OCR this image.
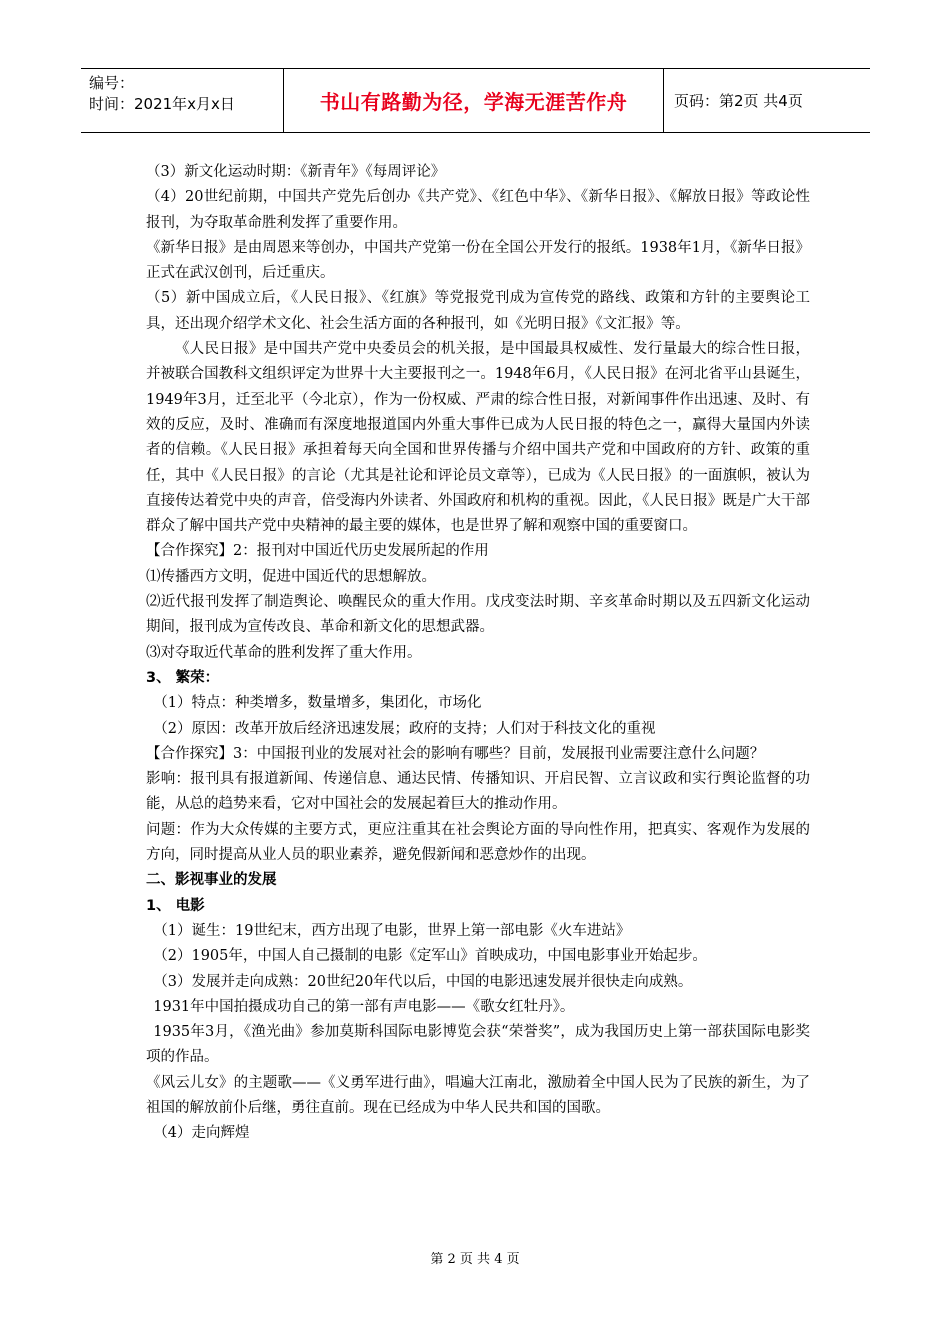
编号：
时间：2021年x月x日	书山有路勤为径，学海无涯苦作舟	页码：第2页 共4页

（3）新文化运动时期：《新青年》《每周评论》

（4）20世纪前期，中国共产党先后创办《共产党》、《红色中华》、《新华日报》、《解放日报》等政论性报刊，为夺取革命胜利发挥了重要作用。

《新华日报》是由周恩来等创办，中国共产党第一份在全国公开发行的报纸。1938年1月，《新华日报》正式在武汉创刊，后迁重庆。

（5）新中国成立后，《人民日报》、《红旗》等党报党刊成为宣传党的路线、政策和方针的主要舆论工具，还出现介绍学术文化、社会生活方面的各种报刊，如《光明日报》《文汇报》等。

《人民日报》是中国共产党中央委员会的机关报，是中国最具权威性、发行量最大的综合性日报，并被联合国教科文组织评定为世界十大主要报刊之一。1948年6月，《人民日报》在河北省平山县诞生，1949年3月，迁至北平（今北京），作为一份权威、严肃的综合性日报，对新闻事件作出迅速、及时、有效的反应，及时、准确而有深度地报道国内外重大事件已成为人民日报的特色之一，赢得大量国内外读者的信赖。《人民日报》承担着每天向全国和世界传播与介绍中国共产党和中国政府的方针、政策的重任，其中《人民日报》的言论（尤其是社论和评论员文章等），已成为《人民日报》的一面旗帜，被认为直接传达着党中央的声音，倍受海内外读者、外国政府和机构的重视。因此，《人民日报》既是广大干部群众了解中国共产党中央精神的最主要的媒体，也是世界了解和观察中国的重要窗口。

【合作探究】2：报刊对中国近代历史发展所起的作用

⑴传播西方文明，促进中国近代的思想解放。

⑵近代报刊发挥了制造舆论、唤醒民众的重大作用。戊戌变法时期、辛亥革命时期以及五四新文化运动期间，报刊成为宣传改良、革命和新文化的思想武器。

⑶对夺取近代革命的胜利发挥了重大作用。

3、 繁荣：

（1）特点：种类增多，数量增多，集团化，市场化

（2）原因：改革开放后经济迅速发展；政府的支持；人们对于科技文化的重视

【合作探究】3：中国报刊业的发展对社会的影响有哪些？目前，发展报刊业需要注意什么问题？

影响：报刊具有报道新闻、传递信息、通达民情、传播知识、开启民智、立言议政和实行舆论监督的功能，从总的趋势来看，它对中国社会的发展起着巨大的推动作用。

问题：作为大众传媒的主要方式，更应注重其在社会舆论方面的导向性作用，把真实、客观作为发展的方向，同时提高从业人员的职业素养，避免假新闻和恶意炒作的出现。

二、影视事业的发展

1、 电影

（1）诞生：19世纪末，西方出现了电影，世界上第一部电影《火车进站》

（2）1905年，中国人自己摄制的电影《定军山》首映成功，中国电影事业开始起步。

（3）发展并走向成熟：20世纪20年代以后，中国的电影迅速发展并很快走向成熟。

1931年中国拍摄成功自己的第一部有声电影——《歌女红牡丹》。

1935年3月，《渔光曲》参加莫斯科国际电影博览会获“荣誉奖”，成为我国历史上第一部获国际电影奖项的作品。

《风云儿女》的主题歌——《义勇军进行曲》，唱遍大江南北，激励着全中国人民为了民族的新生，为了祖国的解放前仆后继，勇往直前。现在已经成为中华人民共和国的国歌。

（4）走向辉煌

第 2 页 共 4 页
